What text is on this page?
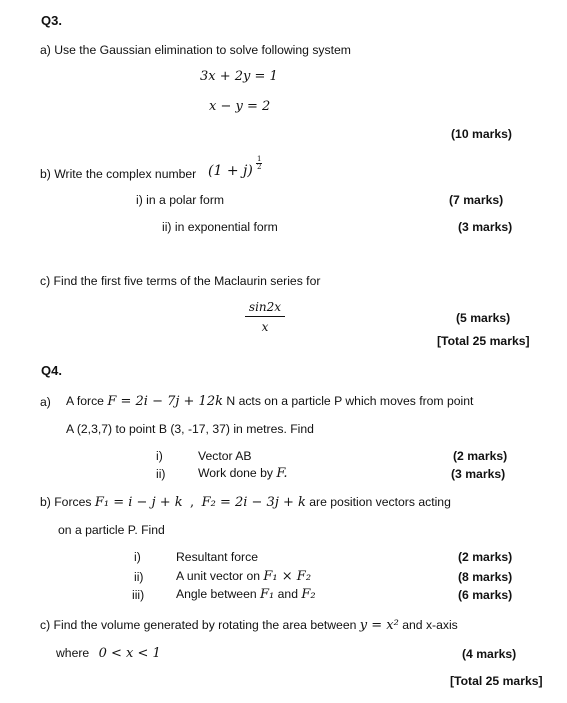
Q3.
a) Use the Gaussian elimination to solve following system
3x + 2y = 1
x − y = 2
(10 marks)
b) Write the complex number $(1 + j) \frac{1}{2}$
i) in a polar form	(7 marks)
ii) in exponential form	(3 marks)
c) Find the first five terms of the Maclaurin series for
$\frac{\sin 2x}{x}$	(5 marks)
[Total 25 marks]
Q4.
a) A force F = 2i − 7j + 12k N acts on a particle P which moves from point
A (2,3,7) to point B (3, -17, 37) in metres. Find
i)	Vector AB	(2 marks)
ii)	Work done by F.	(3 marks)
b) Forces F₁ = i − j + k , F₂ = 2i − 3j + k are position vectors acting
on a particle P. Find
i)	Resultant force	(2 marks)
ii)	A unit vector on F₁ × F₂	(8 marks)
iii)	Angle between F₁ and F₂	(6 marks)
c) Find the volume generated by rotating the area between y = x² and x-axis
where 0 < x < 1	(4 marks)
[Total 25 marks]
